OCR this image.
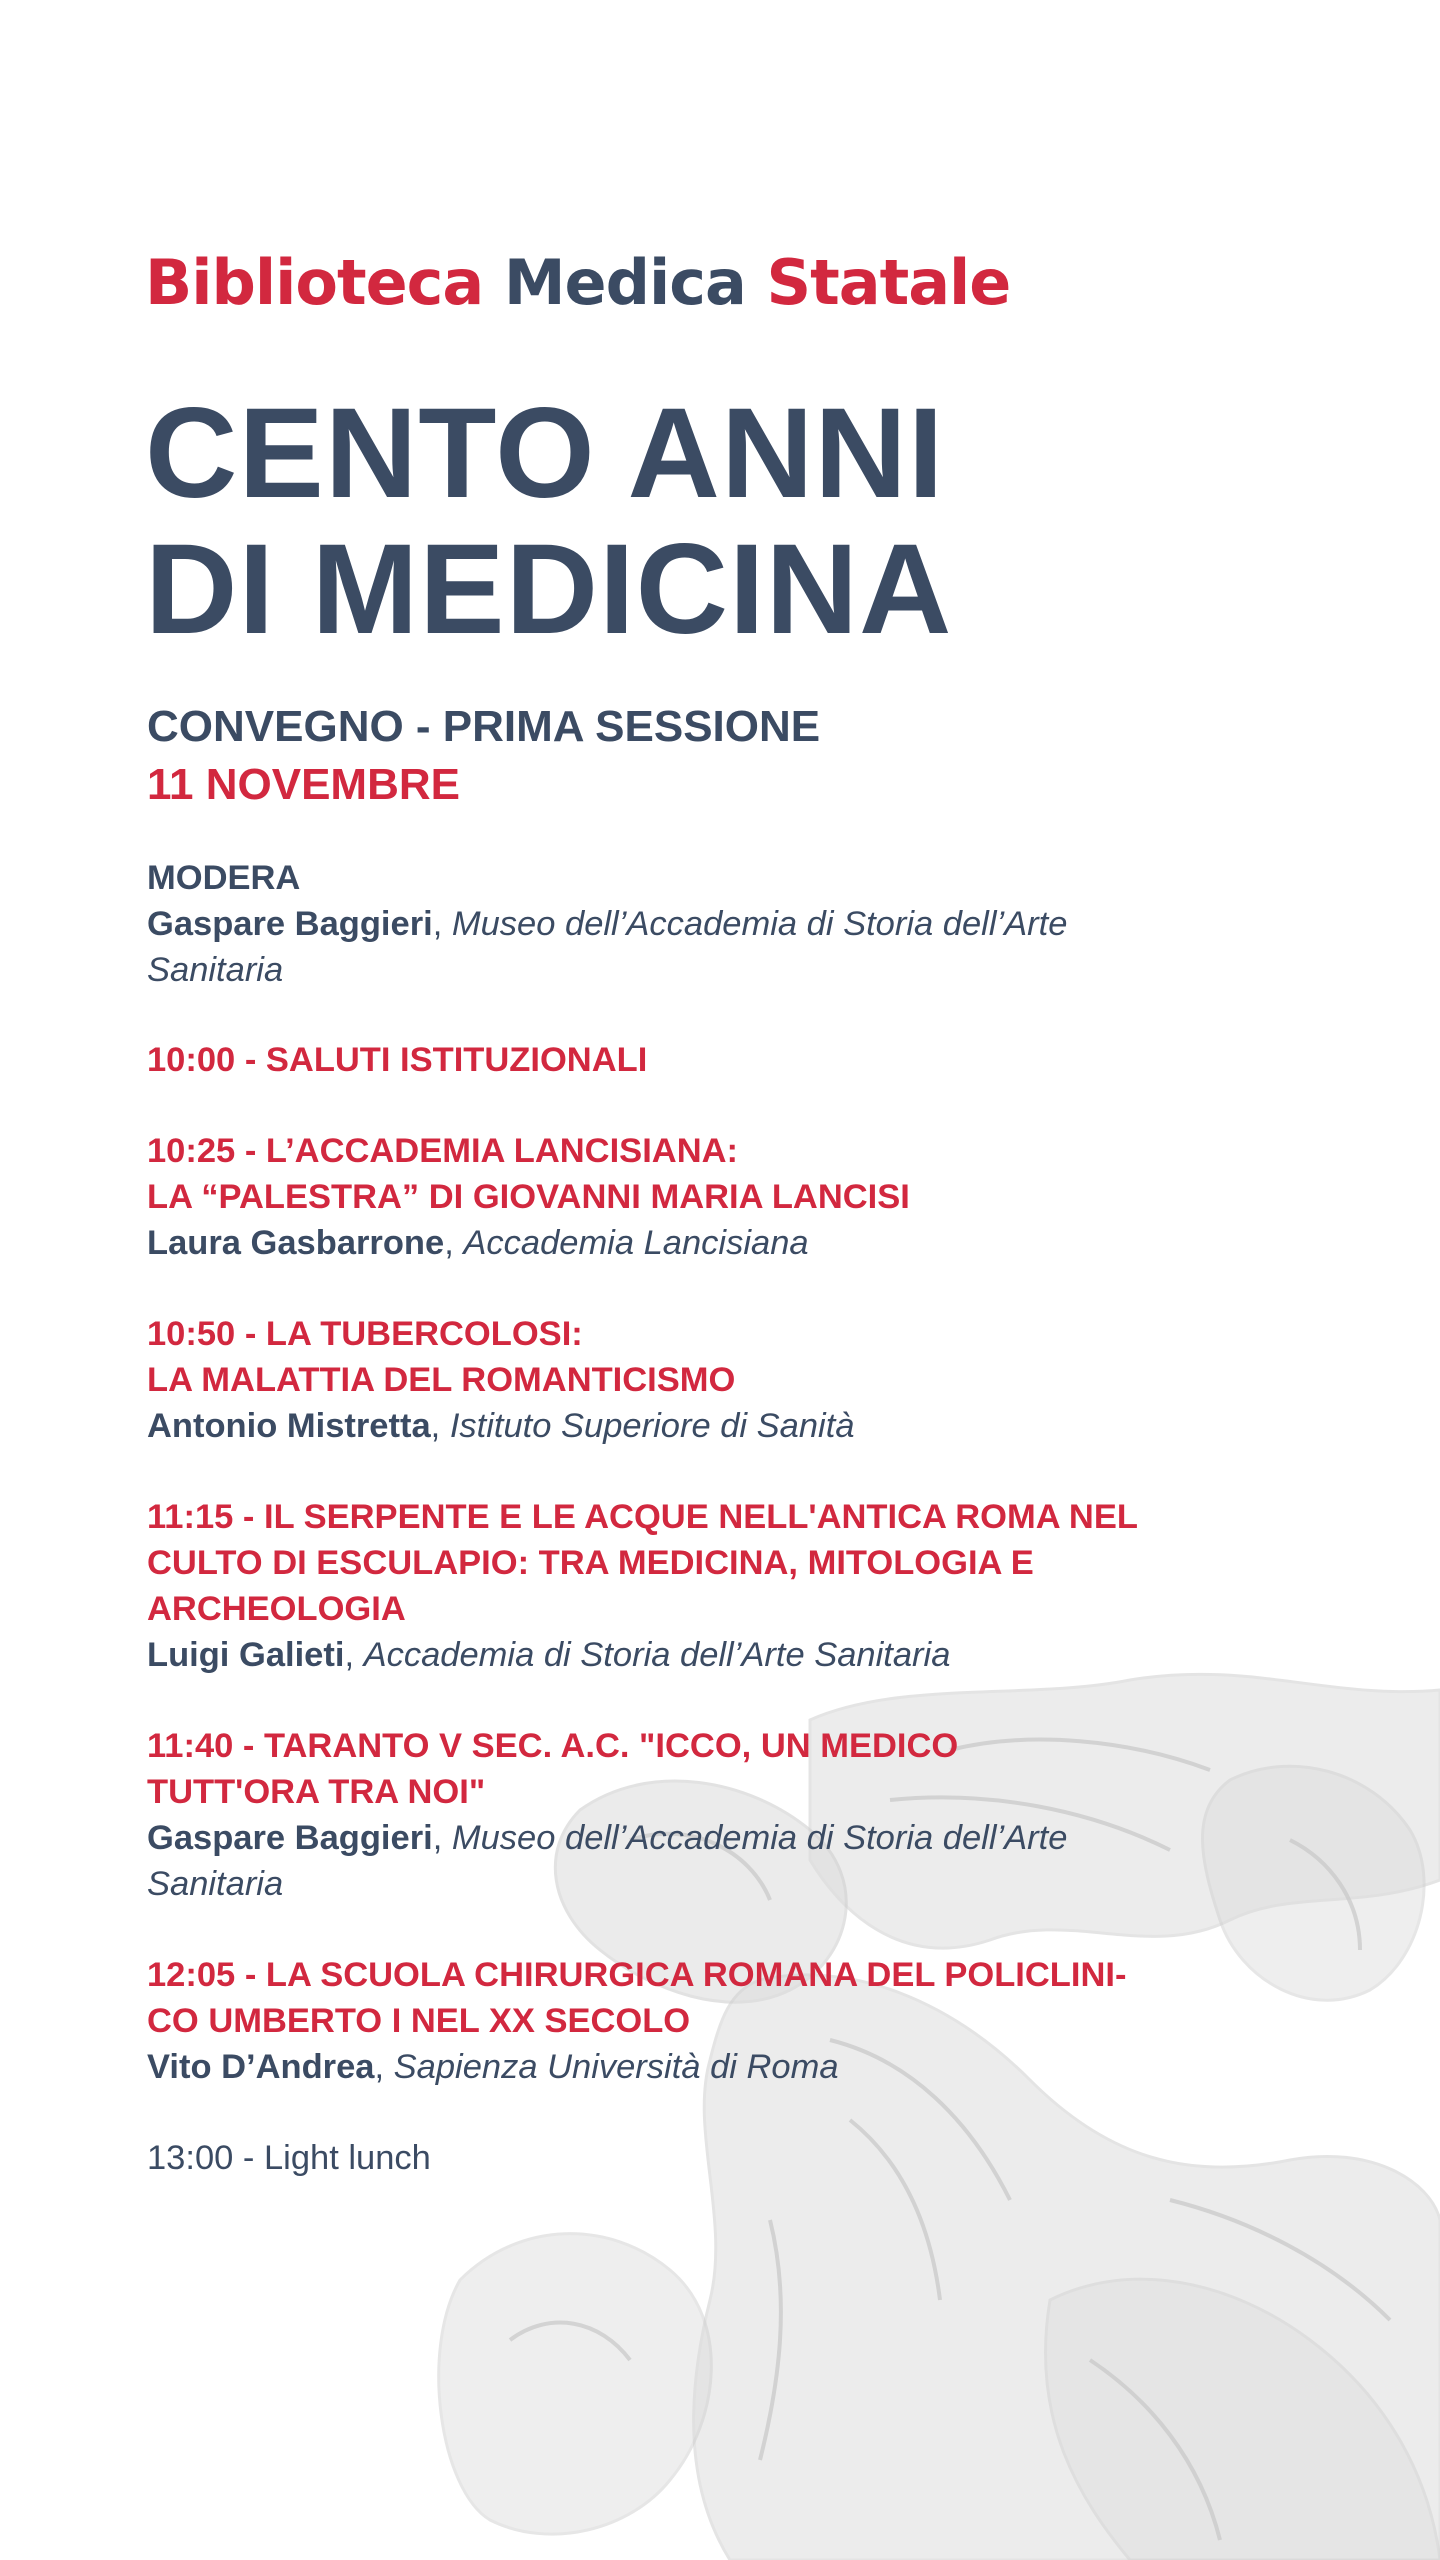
Biblioteca Medica Statale
CENTO ANNI
DI MEDICINA
CONVEGNO - PRIMA SESSIONE
11 NOVEMBRE
MODERA
Gaspare Baggieri, Museo dell’Accademia di Storia dell’Arte
Sanitaria
10:00 - SALUTI ISTITUZIONALI
10:25 - L’ACCADEMIA LANCISIANA:
LA “PALESTRA” DI GIOVANNI MARIA LANCISI
Laura Gasbarrone, Accademia Lancisiana
10:50 - LA TUBERCOLOSI:
LA MALATTIA DEL ROMANTICISMO
Antonio Mistretta, Istituto Superiore di Sanità
11:15 - IL SERPENTE E LE ACQUE NELL'ANTICA ROMA NEL
CULTO DI ESCULAPIO: TRA MEDICINA, MITOLOGIA E
ARCHEOLOGIA
Luigi Galieti, Accademia di Storia dell’Arte Sanitaria
11:40 - TARANTO V SEC. A.C. "ICCO, UN MEDICO
TUTT'ORA TRA NOI"
Gaspare Baggieri, Museo dell’Accademia di Storia dell’Arte
Sanitaria
12:05 - LA SCUOLA CHIRURGICA ROMANA DEL POLICLINI-
CO UMBERTO I NEL XX SECOLO
Vito D’Andrea, Sapienza Università di Roma
13:00 - Light lunch
